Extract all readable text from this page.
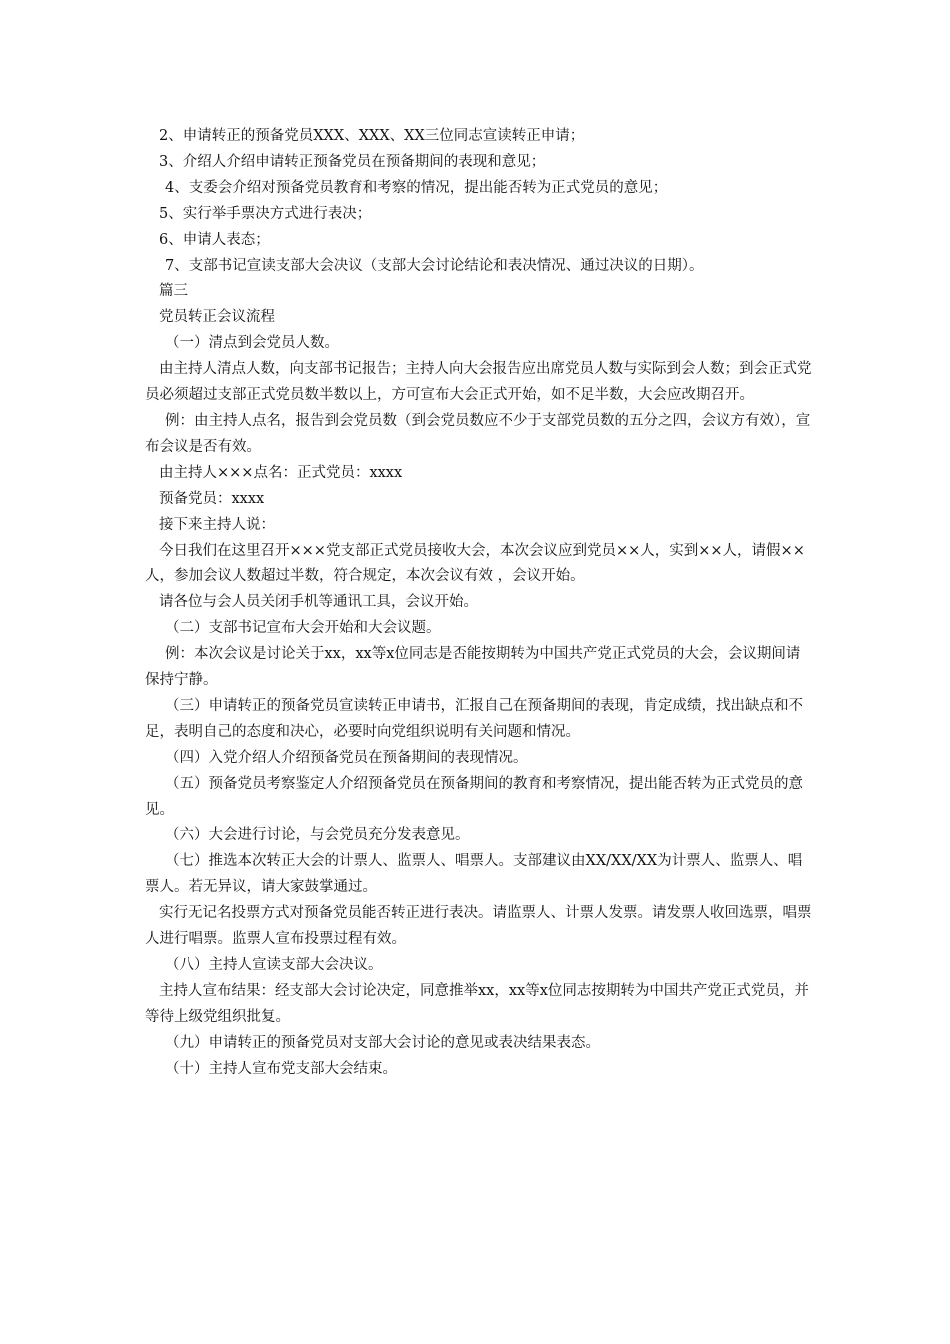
2、申请转正的预备党员XXX、XXX、XX三位同志宣读转正申请；

3、介绍人介绍申请转正预备党员在预备期间的表现和意见；

4、支委会介绍对预备党员教育和考察的情况，提出能否转为正式党员的意见；

5、实行举手票决方式进行表决；

6、申请人表态；

7、支部书记宣读支部大会决议（支部大会讨论结论和表决情况、通过决议的日期）。

篇三

党员转正会议流程

（一）清点到会党员人数。

由主持人清点人数，向支部书记报告；主持人向大会报告应出席党员人数与实际到会人数；到会正式党员必须超过支部正式党员数半数以上，方可宣布大会正式开始，如不足半数，大会应改期召开。

例：由主持人点名，报告到会党员数（到会党员数应不少于支部党员数的五分之四，会议方有效），宣布会议是否有效。

由主持人×××点名：正式党员：xxxx

预备党员：xxxx

接下来主持人说：

今日我们在这里召开×××党支部正式党员接收大会，本次会议应到党员××人，实到××人，请假××人，参加会议人数超过半数，符合规定，本次会议有效 ，会议开始。

请各位与会人员关闭手机等通讯工具，会议开始。

（二）支部书记宣布大会开始和大会议题。

例：本次会议是讨论关于xx，xx等x位同志是否能按期转为中国共产党正式党员的大会，会议期间请保持宁静。

（三）申请转正的预备党员宣读转正申请书，汇报自己在预备期间的表现，肯定成绩，找出缺点和不足，表明自己的态度和决心，必要时向党组织说明有关问题和情况。

（四）入党介绍人介绍预备党员在预备期间的表现情况。

（五）预备党员考察鉴定人介绍预备党员在预备期间的教育和考察情况，提出能否转为正式党员的意见。

（六）大会进行讨论，与会党员充分发表意见。

（七）推选本次转正大会的计票人、监票人、唱票人。支部建议由XX/XX/XX为计票人、监票人、唱票人。若无异议，请大家鼓掌通过。

实行无记名投票方式对预备党员能否转正进行表决。请监票人、计票人发票。请发票人收回选票，唱票人进行唱票。监票人宣布投票过程有效。

（八）主持人宣读支部大会决议。

主持人宣布结果：经支部大会讨论决定，同意推举xx，xx等x位同志按期转为中国共产党正式党员，并等待上级党组织批复。

（九）申请转正的预备党员对支部大会讨论的意见或表决结果表态。

（十）主持人宣布党支部大会结束。
